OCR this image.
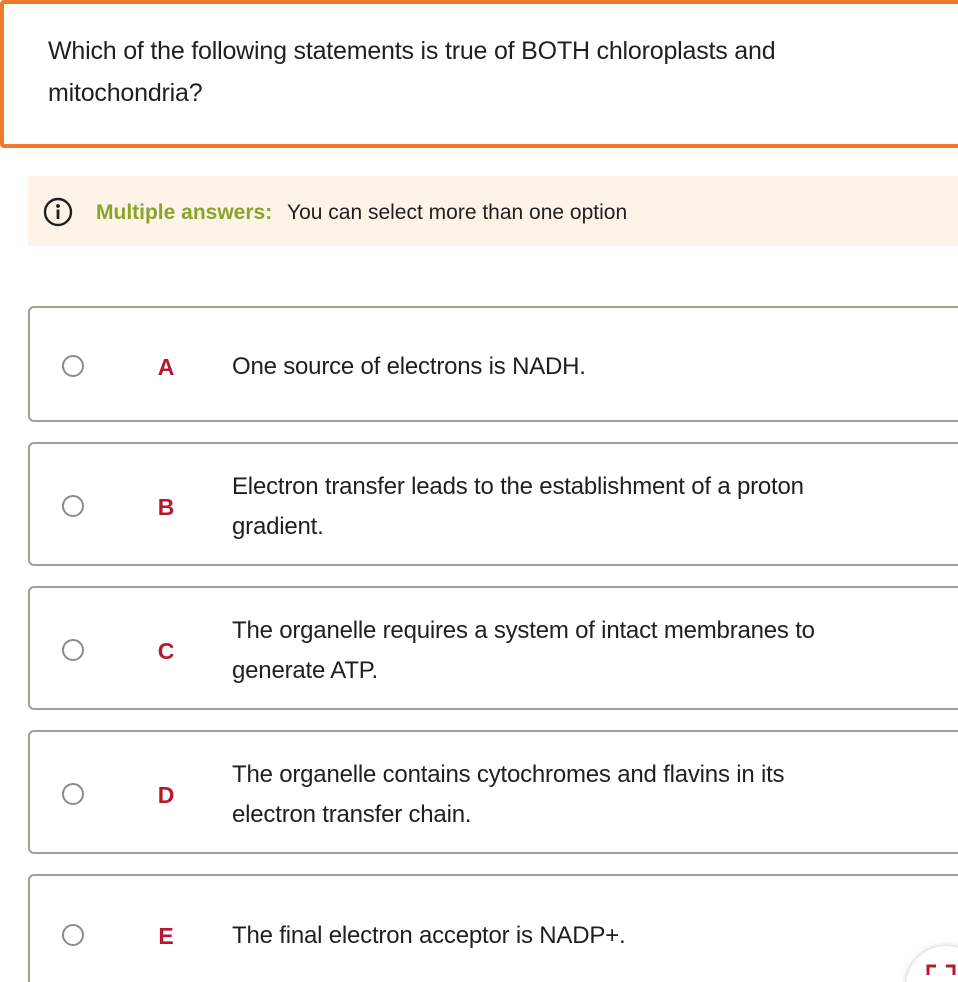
Which of the following statements is true of BOTH chloroplasts and
mitochondria?
Multiple answers: You can select more than one option
A One source of electrons is NADH.
B
Electron transfer leads to the establishment of a proton
gradient.
C
The organelle requires a system of intact membranes to
generate ATP.
D
The organelle contains cytochromes and flavins in its
electron transfer chain.
E The final electron acceptor is NADP+.
